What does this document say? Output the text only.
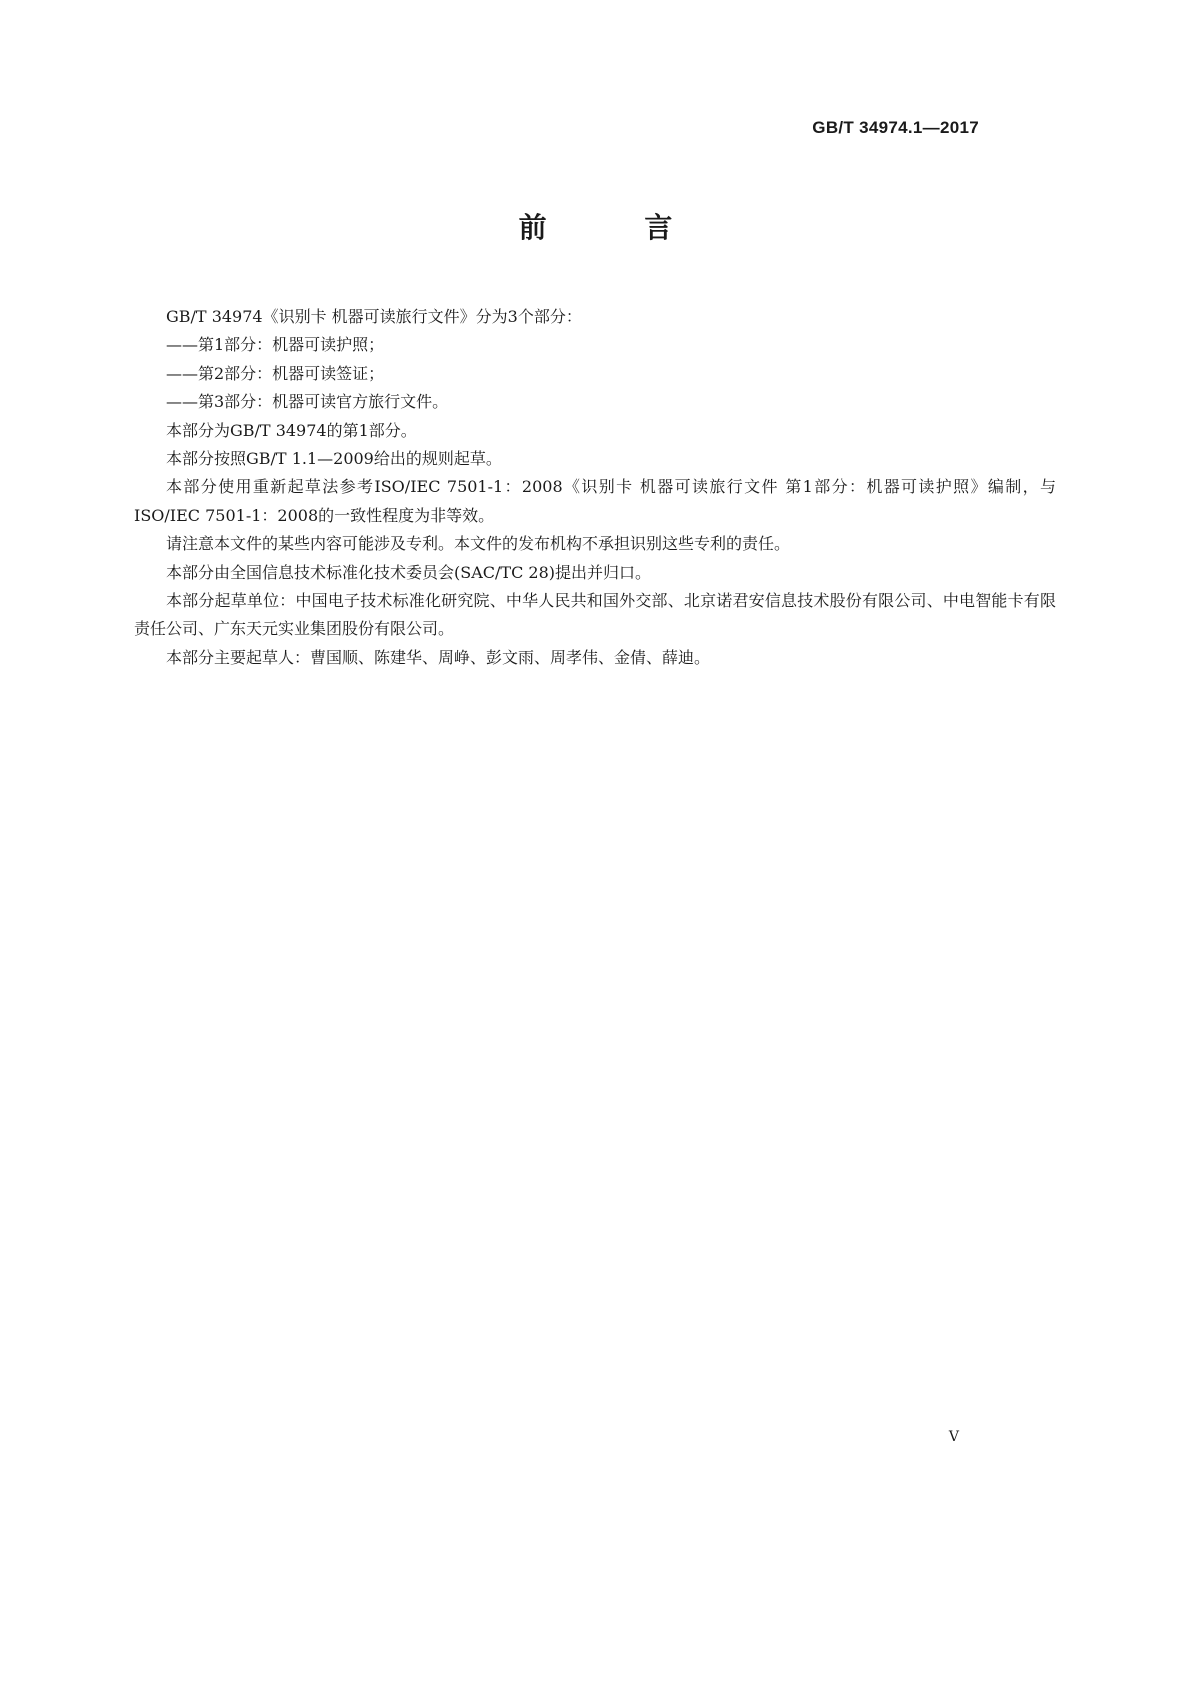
GB/T 34974.1—2017
前 言

GB/T 34974《识别卡 机器可读旅行文件》分为3个部分：

——第1部分：机器可读护照；

——第2部分：机器可读签证；

——第3部分：机器可读官方旅行文件。

本部分为GB/T 34974的第1部分。

本部分按照GB/T 1.1—2009给出的规则起草。

本部分使用重新起草法参考ISO/IEC 7501-1：2008《识别卡 机器可读旅行文件 第1部分：机器可读护照》编制，与ISO/IEC 7501-1：2008的一致性程度为非等效。

请注意本文件的某些内容可能涉及专利。本文件的发布机构不承担识别这些专利的责任。

本部分由全国信息技术标准化技术委员会(SAC/TC 28)提出并归口。

本部分起草单位：中国电子技术标准化研究院、中华人民共和国外交部、北京诺君安信息技术股份有限公司、中电智能卡有限责任公司、广东天元实业集团股份有限公司。

本部分主要起草人：曹国顺、陈建华、周峥、彭文雨、周孝伟、金倩、薛迪。

V
